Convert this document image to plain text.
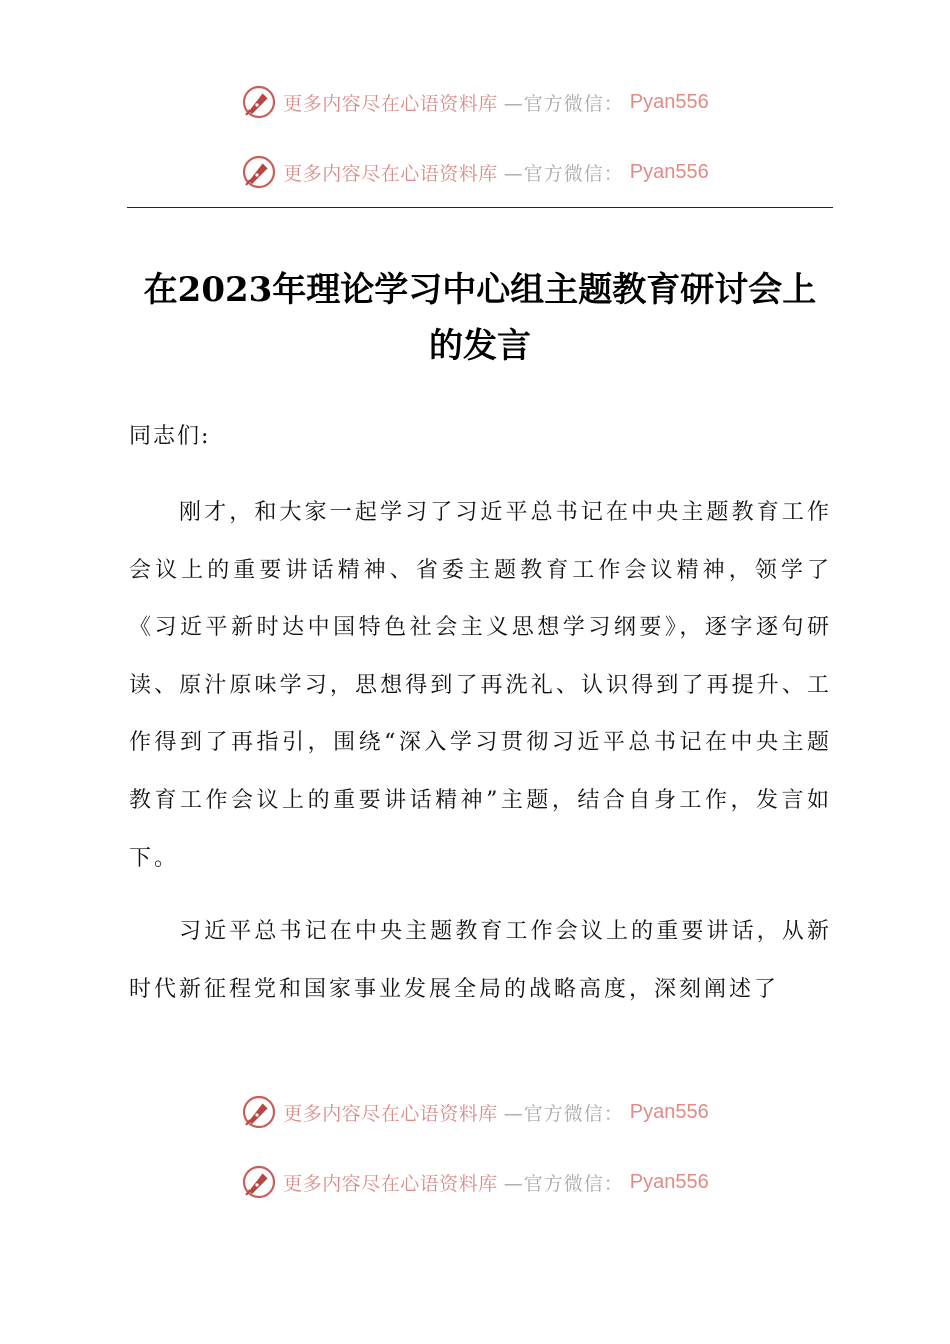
更多内容尽在心语资料库 —官方微信： Pyan556
更多内容尽在心语资料库 —官方微信： Pyan556
在2023年理论学习中心组主题教育研讨会上的发言
同志们:
刚才，和大家一起学习了习近平总书记在中央主题教育工作会议上的重要讲话精神、省委主题教育工作会议精神，领学了《习近平新时达中国特色社会主义思想学习纲要》，逐字逐句研读、原汁原味学习，思想得到了再洗礼、认识得到了再提升、工作得到了再指引，围绕“深入学习贯彻习近平总书记在中央主题教育工作会议上的重要讲话精神”主题，结合自身工作，发言如下。
习近平总书记在中央主题教育工作会议上的重要讲话，从新时代新征程党和国家事业发展全局的战略高度，深刻阐述了
更多内容尽在心语资料库 —官方微信： Pyan556
更多内容尽在心语资料库 —官方微信： Pyan556
